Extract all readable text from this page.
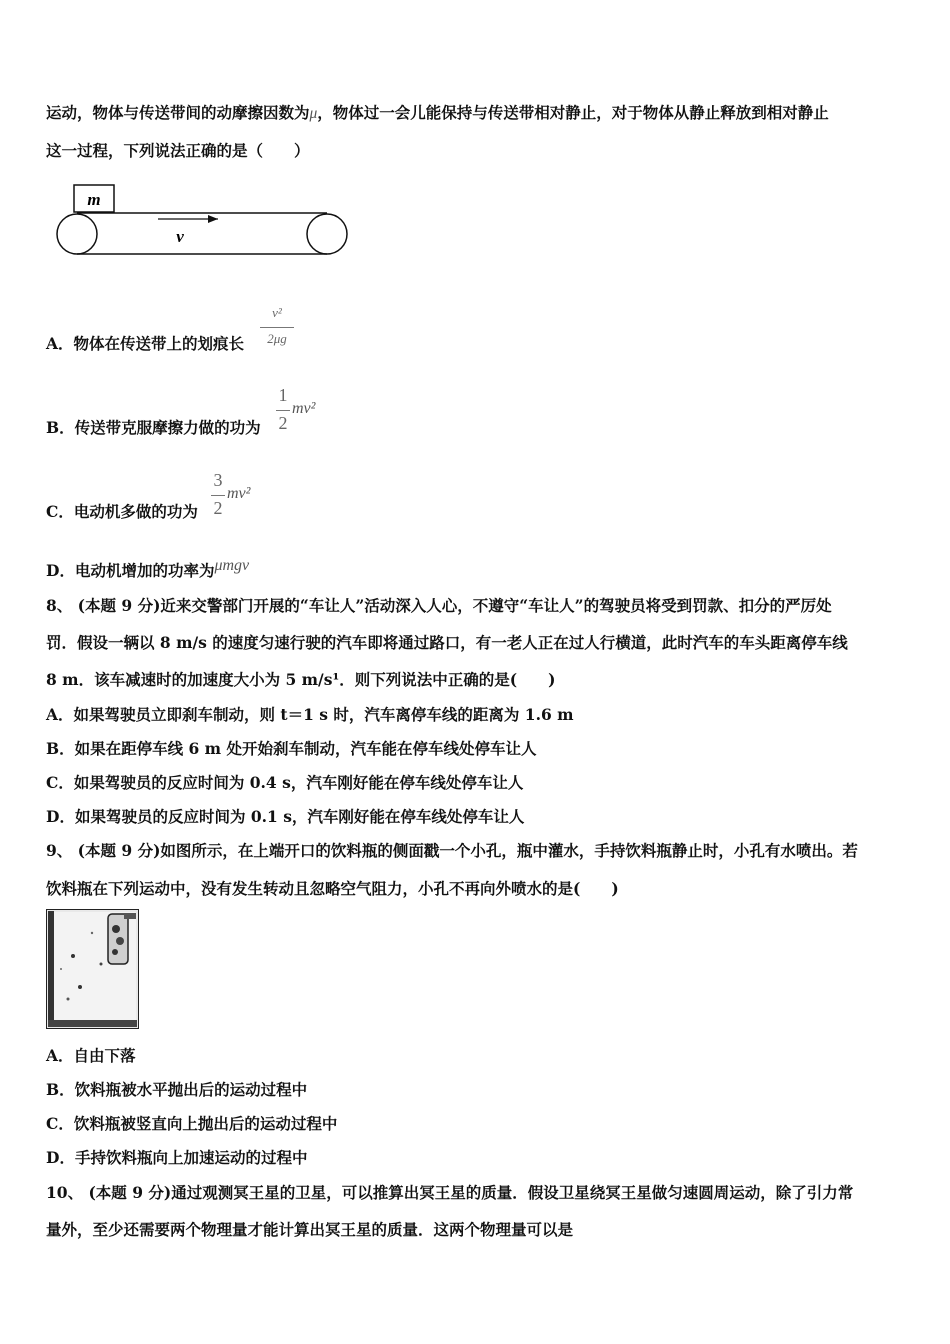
运动，物体与传送带间的动摩擦因数为μ，物体过一会儿能保持与传送带相对静止，对于物体从静止释放到相对静止
这一过程，下列说法正确的是（　　）
m
v
A．物体在传送带上的划痕长
v²
2μg
B．传送带克服摩擦力做的功为
1
2
mv²
C．电动机多做的功为
3
2
mv²
D．电动机增加的功率为μmgv
8、 (本题 9 分)近来交警部门开展的“车让人”活动深入人心，不遵守“车让人”的驾驶员将受到罚款、扣分的严厉处
罚．假设一辆以 8 m/s 的速度匀速行驶的汽车即将通过路口，有一老人正在过人行横道，此时汽车的车头距离停车线
8 m．该车减速时的加速度大小为 5 m/s¹．则下列说法中正确的是(　　)
A．如果驾驶员立即刹车制动，则 t＝1 s 时，汽车离停车线的距离为 1.6 m
B．如果在距停车线 6 m 处开始刹车制动，汽车能在停车线处停车让人
C．如果驾驶员的反应时间为 0.4 s，汽车刚好能在停车线处停车让人
D．如果驾驶员的反应时间为 0.1 s，汽车刚好能在停车线处停车让人
9、 (本题 9 分)如图所示，在上端开口的饮料瓶的侧面戳一个小孔，瓶中灌水，手持饮料瓶静止时，小孔有水喷出。若
饮料瓶在下列运动中，没有发生转动且忽略空气阻力，小孔不再向外喷水的是(　　)
A．自由下落
B．饮料瓶被水平抛出后的运动过程中
C．饮料瓶被竖直向上抛出后的运动过程中
D．手持饮料瓶向上加速运动的过程中
10、 (本题 9 分)通过观测冥王星的卫星，可以推算出冥王星的质量．假设卫星绕冥王星做匀速圆周运动，除了引力常
量外，至少还需要两个物理量才能计算出冥王星的质量．这两个物理量可以是
